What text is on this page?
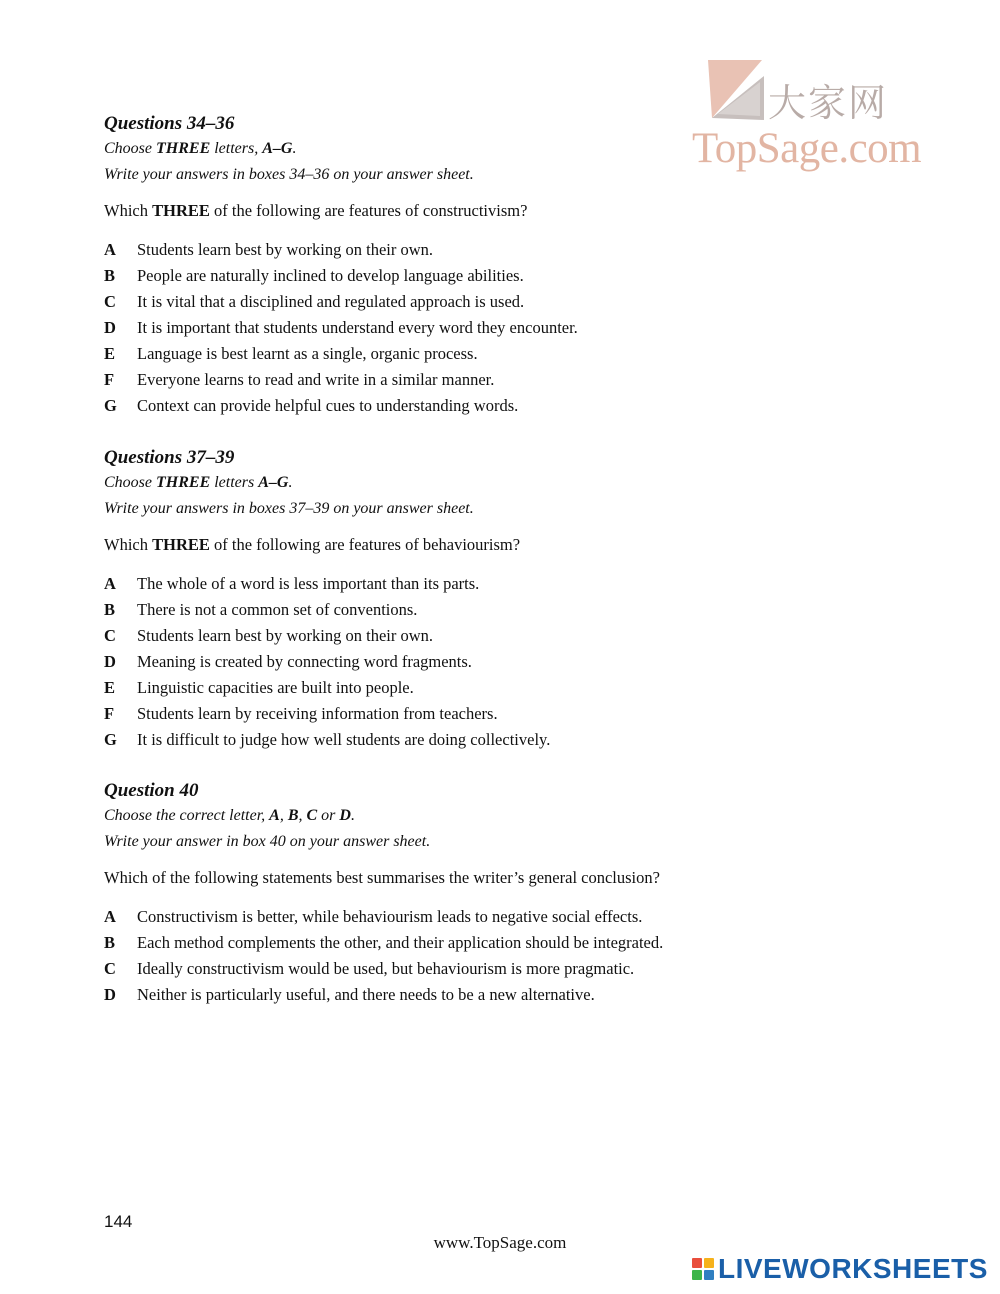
大家网
TopSage.com

Questions 34–36

Choose THREE letters, A–G.

Write your answers in boxes 34–36 on your answer sheet.

Which THREE of the following are features of constructivism?

A	Students learn best by working on their own.
B	People are naturally inclined to develop language abilities.
C	It is vital that a disciplined and regulated approach is used.
D	It is important that students understand every word they encounter.
E	Language is best learnt as a single, organic process.
F	Everyone learns to read and write in a similar manner.
G	Context can provide helpful cues to understanding words.

Questions 37–39

Choose THREE letters A–G.

Write your answers in boxes 37–39 on your answer sheet.

Which THREE of the following are features of behaviourism?

A	The whole of a word is less important than its parts.
B	There is not a common set of conventions.
C	Students learn best by working on their own.
D	Meaning is created by connecting word fragments.
E	Linguistic capacities are built into people.
F	Students learn by receiving information from teachers.
G	It is difficult to judge how well students are doing collectively.

Question 40

Choose the correct letter, A, B, C or D.

Write your answer in box 40 on your answer sheet.

Which of the following statements best summarises the writer’s general conclusion?

A	Constructivism is better, while behaviourism leads to negative social effects.
B	Each method complements the other, and their application should be integrated.
C	Ideally constructivism would be used, but behaviourism is more pragmatic.
D	Neither is particularly useful, and there needs to be a new alternative.
144
www.TopSage.com
LIVEWORKSHEETS
